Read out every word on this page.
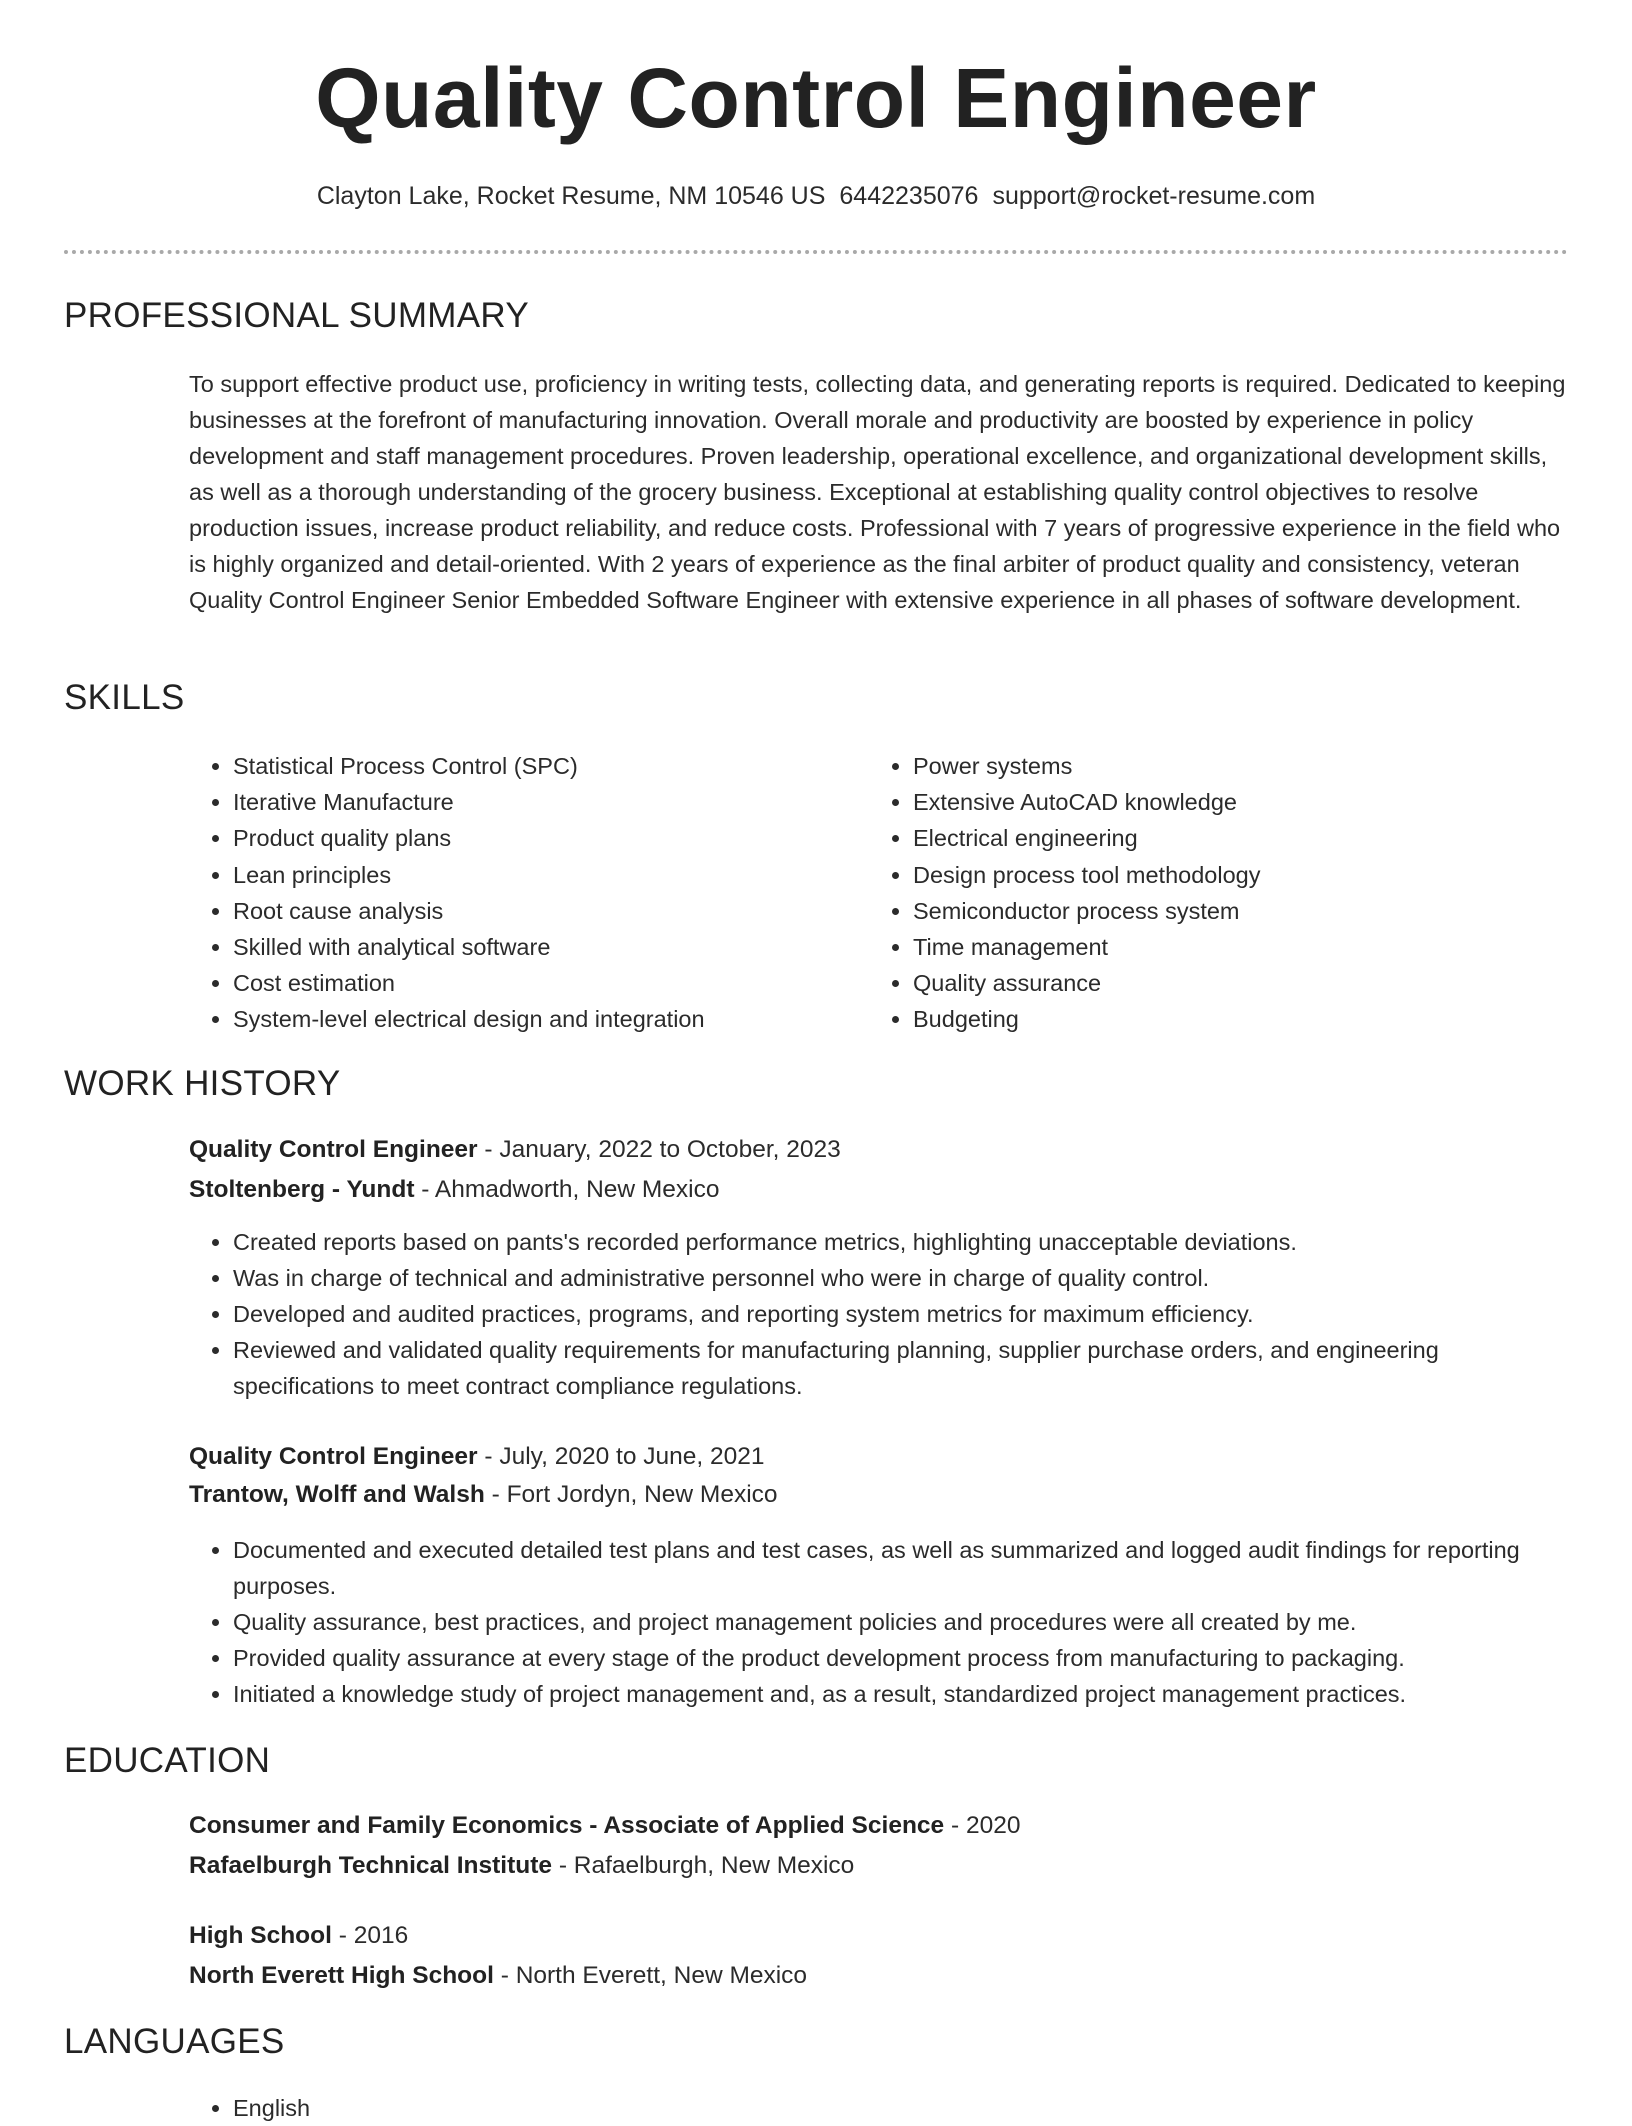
Quality Control Engineer
Clayton Lake, Rocket Resume, NM 10546 US 6442235076 support@rocket-resume.com
PROFESSIONAL SUMMARY

To support effective product use, proficiency in writing tests, collecting data, and generating reports is required. Dedicated to keeping businesses at the forefront of manufacturing innovation. Overall morale and productivity are boosted by experience in policy development and staff management procedures. Proven leadership, operational excellence, and organizational development skills, as well as a thorough understanding of the grocery business. Exceptional at establishing quality control objectives to resolve production issues, increase product reliability, and reduce costs. Professional with 7 years of progressive experience in the field who is highly organized and detail-oriented. With 2 years of experience as the final arbiter of product quality and consistency, veteran Quality Control Engineer Senior Embedded Software Engineer with extensive experience in all phases of software development.

SKILLS
• Statistical Process Control (SPC)
• Iterative Manufacture
• Product quality plans
• Lean principles
• Root cause analysis
• Skilled with analytical software
• Cost estimation
• System-level electrical design and integration
• Power systems
• Extensive AutoCAD knowledge
• Electrical engineering
• Design process tool methodology
• Semiconductor process system
• Time management
• Quality assurance
• Budgeting
WORK HISTORY
Quality Control Engineer - January, 2022 to October, 2023
Stoltenberg - Yundt - Ahmadworth, New Mexico
• Created reports based on pants's recorded performance metrics, highlighting unacceptable deviations.
• Was in charge of technical and administrative personnel who were in charge of quality control.
• Developed and audited practices, programs, and reporting system metrics for maximum efficiency.
• Reviewed and validated quality requirements for manufacturing planning, supplier purchase orders, and engineering specifications to meet contract compliance regulations.
Quality Control Engineer - July, 2020 to June, 2021
Trantow, Wolff and Walsh - Fort Jordyn, New Mexico
• Documented and executed detailed test plans and test cases, as well as summarized and logged audit findings for reporting purposes.
• Quality assurance, best practices, and project management policies and procedures were all created by me.
• Provided quality assurance at every stage of the product development process from manufacturing to packaging.
• Initiated a knowledge study of project management and, as a result, standardized project management practices.
EDUCATION
Consumer and Family Economics - Associate of Applied Science - 2020
Rafaelburgh Technical Institute - Rafaelburgh, New Mexico
High School - 2016
North Everett High School - North Everett, New Mexico
LANGUAGES
• English
